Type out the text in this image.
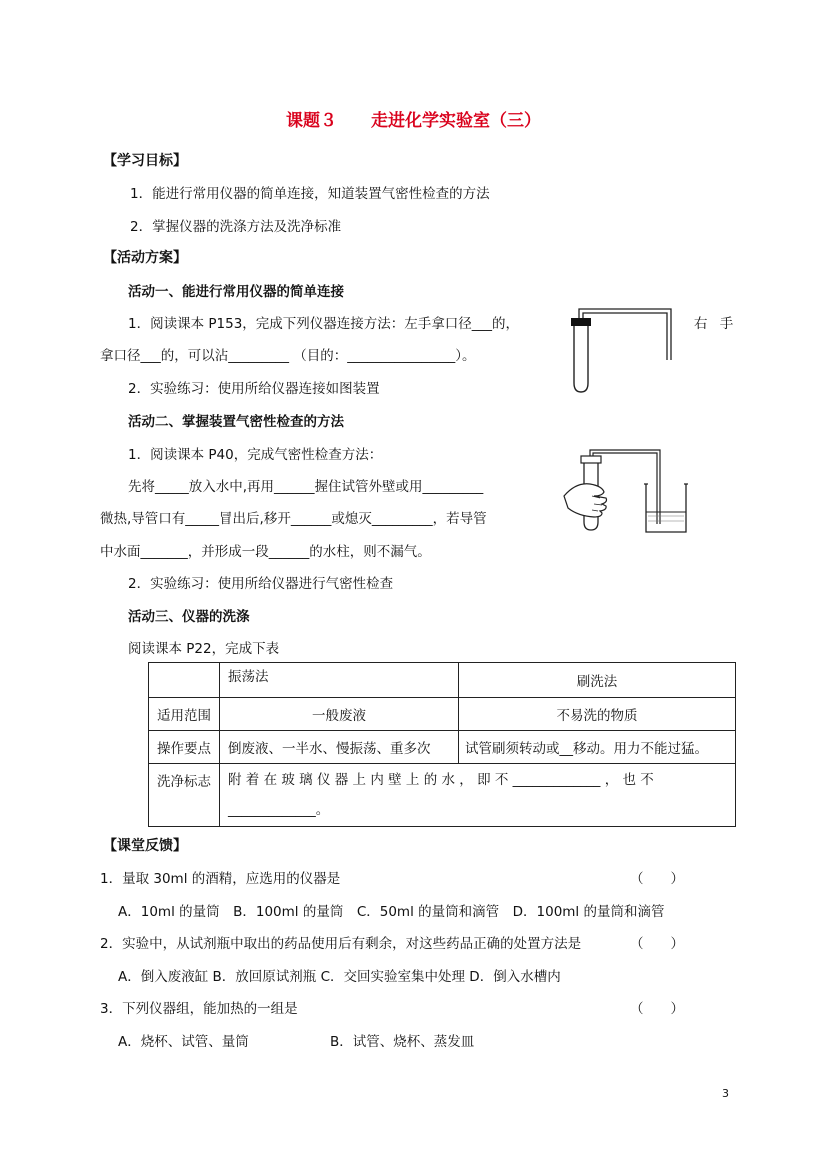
课题３ 走进化学实验室（三）
【学习目标】
1．能进行常用仪器的简单连接，知道装置气密性检查的方法
2．掌握仪器的洗涤方法及洗净标准
【活动方案】
活动一、能进行常用仪器的简单连接
1．阅读课本 P153，完成下列仪器连接方法：左手拿口径___的，	右 手
拿口径___的，可以沾_________ （目的：________________）。
2．实验练习：使用所给仪器连接如图装置
活动二、掌握装置气密性检查的方法
1．阅读课本 P40，完成气密性检查方法：
先将_____放入水中,再用______握住试管外壁或用_________
微热,导管口有_____冒出后,移开______或熄灭_________，若导管
中水面_______，并形成一段______的水柱，则不漏气。
2．实验练习：使用所给仪器进行气密性检查
活动三、仪器的洗涤
阅读课本 P22，完成下表
	振荡法	刷洗法
适用范围	一般废液	不易洗的物质
操作要点	倒废液、一半水、慢振荡、重多次	试管刷须转动或__移动。用力不能过猛。
洗净标志	附 着 在 玻 璃 仪 器 上 内 壁 上 的 水 ， 即 不 _____________ ， 也 不
_____________。	
【课堂反馈】
1．量取 30ml 的酒精，应选用的仪器是	（　　）
A．10ml 的量筒　B．100ml 的量筒　C．50ml 的量筒和滴管　D．100ml 的量筒和滴管
2．实验中，从试剂瓶中取出的药品使用后有剩余，对这些药品正确的处置方法是	（　　）
A．倒入废液缸 B．放回原试剂瓶 C．交回实验室集中处理 D．倒入水槽内
3．下列仪器组，能加热的一组是	（　　）
A．烧杯、试管、量筒	B．试管、烧杯、蒸发皿
3
